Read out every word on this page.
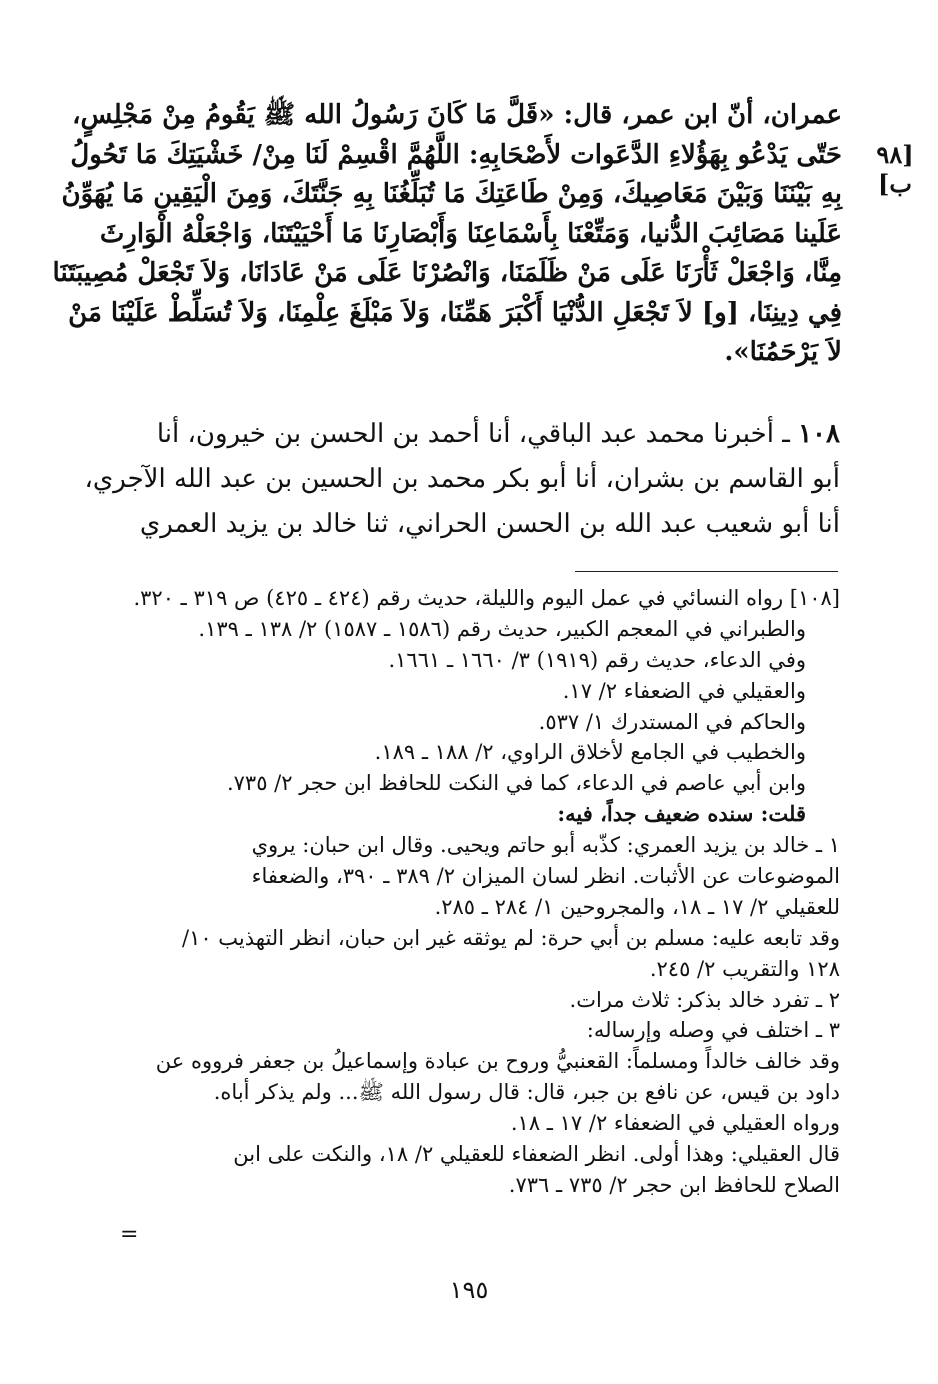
عمران، أنّ ابن عمر، قال: «قَلَّ مَا كَانَ رَسُولُ الله ﷺ يَقُومُ مِنْ مَجْلِسٍ،
حَتّى يَدْعُو بِهَؤُلاءِ الدَّعَوات لأَصْحَابِهِ: اللَّهُمَّ اقْسِمْ لَنَا مِنْ/ خَشْيَتِكَ مَا تَحُولُ
بِهِ بَيْنَنَا وَبَيْنَ مَعَاصِيكَ، وَمِنْ طَاعَتِكَ مَا تُبَلِّغُنَا بِهِ جَنَّتَكَ، وَمِنَ الْيَقِينِ مَا يُهَوِّنُ
عَلَينا مَصَائِبَ الدُّنيا، وَمَتِّعْنَا بِأَسْمَاعِنَا وَأَبْصَارِنَا مَا أَحْيَيْتَنَا، وَاجْعَلْهُ الْوَارِثَ
مِنَّا، وَاجْعَلْ ثَأْرَنَا عَلَى مَنْ ظَلَمَنَا، وَانْصُرْنَا عَلَى مَنْ عَادَانَا، وَلاَ تَجْعَلْ مُصِيبَتَنَا
فِي دِينِنَا، [و] لاَ تَجْعَلِ الدُّنْيَا أَكْبَرَ هَمِّنَا، وَلاَ مَبْلَغَ عِلْمِنَا، وَلاَ تُسَلِّطْ عَلَيْنَا مَنْ
لاَ يَرْحَمُنَا».
[٩٨ ب]
١٠٨ ـ أخبرنا محمد عبد الباقي، أنا أحمد بن الحسن بن خيرون، أنا
أبو القاسم بن بشران، أنا أبو بكر محمد بن الحسين بن عبد الله الآجري،
أنا أبو شعيب عبد الله بن الحسن الحراني، ثنا خالد بن يزيد العمري
[١٠٨] رواه النسائي في عمل اليوم والليلة، حديث رقم (٤٢٤ ـ ٤٢٥) ص ٣١٩ ـ ٣٢٠.
والطبراني في المعجم الكبير، حديث رقم (١٥٨٦ ـ ١٥٨٧) ٢/ ١٣٨ ـ ١٣٩.
وفي الدعاء، حديث رقم (١٩١٩) ٣/ ١٦٦٠ ـ ١٦٦١.
والعقيلي في الضعفاء ٢/ ١٧.
والحاكم في المستدرك ١/ ٥٣٧.
والخطيب في الجامع لأخلاق الراوي، ٢/ ١٨٨ ـ ١٨٩.
وابن أبي عاصم في الدعاء، كما في النكت للحافظ ابن حجر ٢/ ٧٣٥.
قلت: سنده ضعيف جداً، فيه:
١ ـ خالد بن يزيد العمري: كذّبه أبو حاتم ويحيى. وقال ابن حبان: يروي
الموضوعات عن الأثبات. انظر لسان الميزان ٢/ ٣٨٩ ـ ٣٩٠، والضعفاء
للعقيلي ٢/ ١٧ ـ ١٨، والمجروحين ١/ ٢٨٤ ـ ٢٨٥.
وقد تابعه عليه: مسلم بن أبي حرة: لم يوثقه غير ابن حبان، انظر التهذيب ١٠/
١٢٨ والتقريب ٢/ ٢٤٥.
٢ ـ تفرد خالد بذكر: ثلاث مرات.
٣ ـ اختلف في وصله وإرساله:
وقد خالف خالداً ومسلماً: القعنبيُّ وروح بن عبادة وإسماعيلُ بن جعفر فرووه عن
داود بن قيس، عن نافع بن جبر، قال: قال رسول الله ﷺ... ولم يذكر أباه.
ورواه العقيلي في الضعفاء ٢/ ١٧ ـ ١٨.
قال العقيلي: وهذا أولى. انظر الضعفاء للعقيلي ٢/ ١٨، والنكت على ابن
الصلاح للحافظ ابن حجر ٢/ ٧٣٥ ـ ٧٣٦.
=
١٩٥
